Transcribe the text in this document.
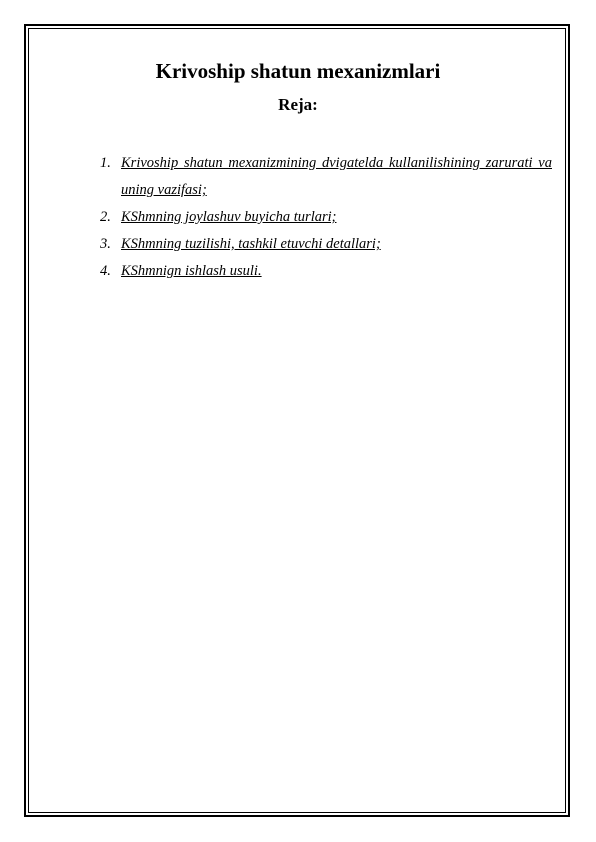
Krivoship shatun mexanizmlari
Reja:
1. Krivoship shatun mexanizmining dvigatelda kullanilishining zarurati va uning vazifasi;
2. KShmning joylashuv buyicha turlari;
3. KShmning tuzilishi, tashkil etuvchi detallari;
4. KShmnign ishlash usuli.
